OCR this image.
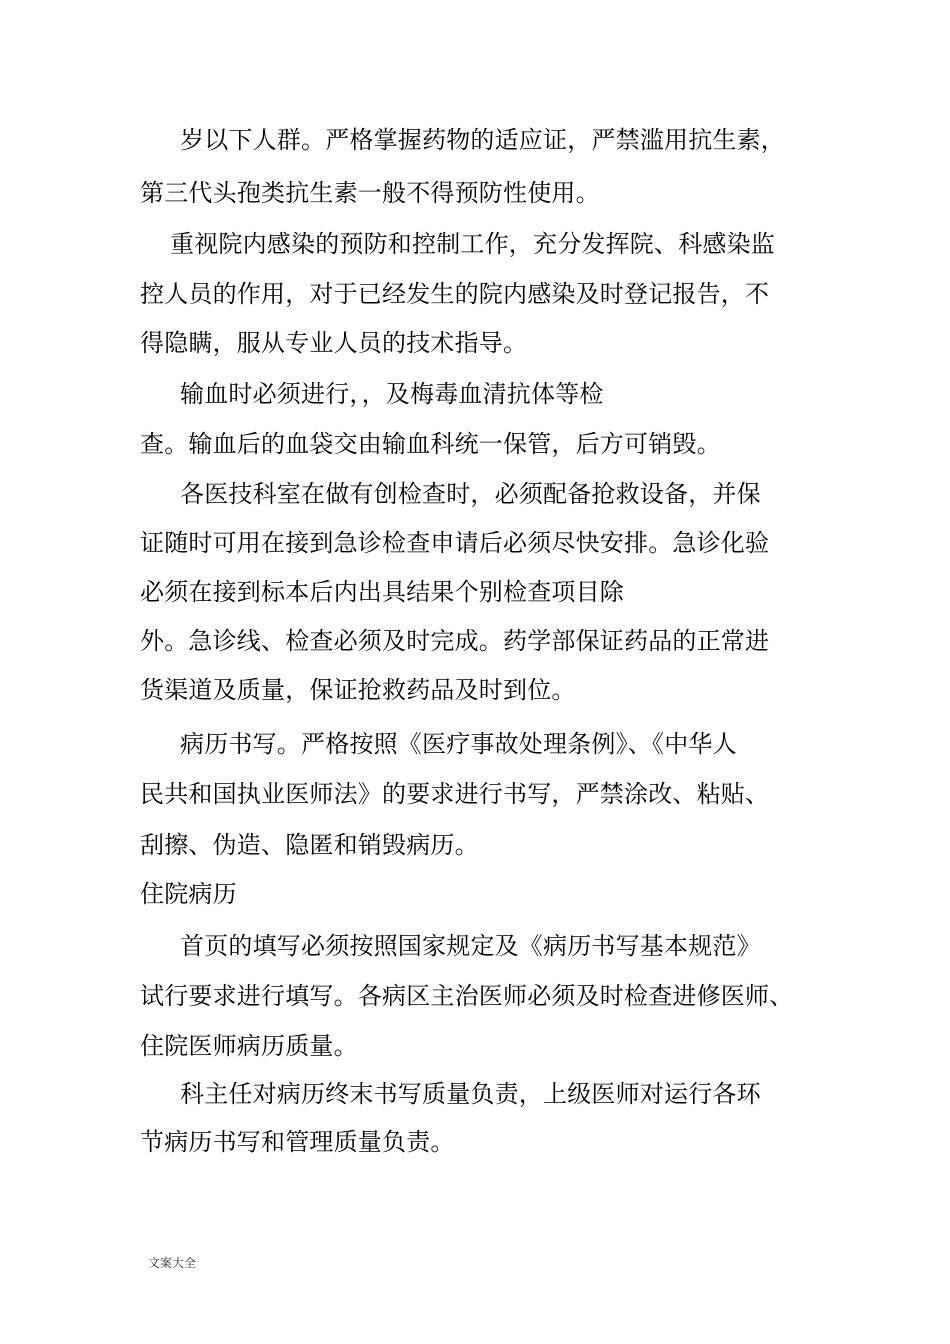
岁以下人群。严格掌握药物的适应证，严禁滥用抗生素，
第三代头孢类抗生素一般不得预防性使用。
重视院内感染的预防和控制工作，充分发挥院、科感染监
控人员的作用，对于已经发生的院内感染及时登记报告，不
得隐瞒，服从专业人员的技术指导。
输血时必须进行，，及梅毒血清抗体等检
查。输血后的血袋交由输血科统一保管，后方可销毁。
各医技科室在做有创检查时，必须配备抢救设备，并保
证随时可用在接到急诊检查申请后必须尽快安排。急诊化验
必须在接到标本后内出具结果个别检查项目除
外。急诊线、检查必须及时完成。药学部保证药品的正常进
货渠道及质量，保证抢救药品及时到位。
病历书写。严格按照《医疗事故处理条例》、《中华人
民共和国执业医师法》的要求进行书写，严禁涂改、粘贴、
刮擦、伪造、隐匿和销毁病历。
住院病历
首页的填写必须按照国家规定及《病历书写基本规范》
试行要求进行填写。各病区主治医师必须及时检查进修医师、
住院医师病历质量。
科主任对病历终末书写质量负责，上级医师对运行各环
节病历书写和管理质量负责。
文案大全
